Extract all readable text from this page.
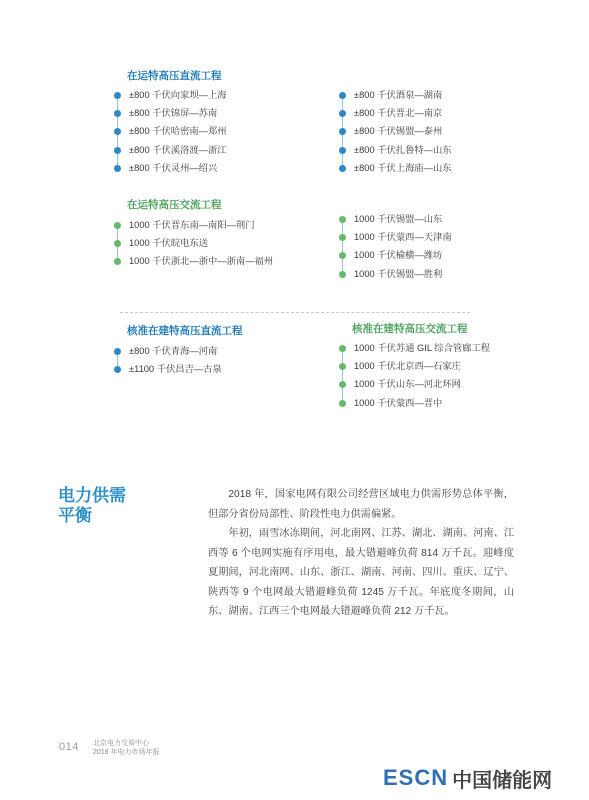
在运特高压直流工程
±800 千伏向家坝—上海
±800 千伏锦屏—苏南
±800 千伏哈密南—郑州
±800 千伏溪洛渡—浙江
±800 千伏灵州—绍兴
±800 千伏酒泉—湖南
±800 千伏晋北—南京
±800 千伏锡盟—泰州
±800 千伏扎鲁特—山东
±800 千伏上海庙—山东
在运特高压交流工程
1000 千伏晋东南—南阳—荆门
1000 千伏皖电东送
1000 千伏浙北—浙中—浙南—福州
1000 千伏锡盟—山东
1000 千伏蒙西—天津南
1000 千伏榆横—潍坊
1000 千伏锡盟—胜利
核准在建特高压直流工程
±800 千伏青海—河南
±1100 千伏昌吉—古泉
核准在建特高压交流工程
1000 千伏苏通 GIL 综合管廊工程
1000 千伏北京西—石家庄
1000 千伏山东—河北环网
1000 千伏蒙西—晋中
电力供需
平衡

2018 年，国家电网有限公司经营区域电力供需形势总体平衡，但部分省份局部性、阶段性电力供需偏紧。

年初，雨雪冰冻期间，河北南网、江苏、湖北、湖南、河南、江西等 6 个电网实施有序用电，最大错避峰负荷 814 万千瓦。迎峰度夏期间，河北南网、山东、浙江、湖南、河南、四川、重庆、辽宁、陕西等 9 个电网最大错避峰负荷 1245 万千瓦。年底度冬期间，山东、湖南、江西三个电网最大错避峰负荷 212 万千瓦。

014 北京电力交易中心
2018 年电力市场年报
ESCN 中国储能网
